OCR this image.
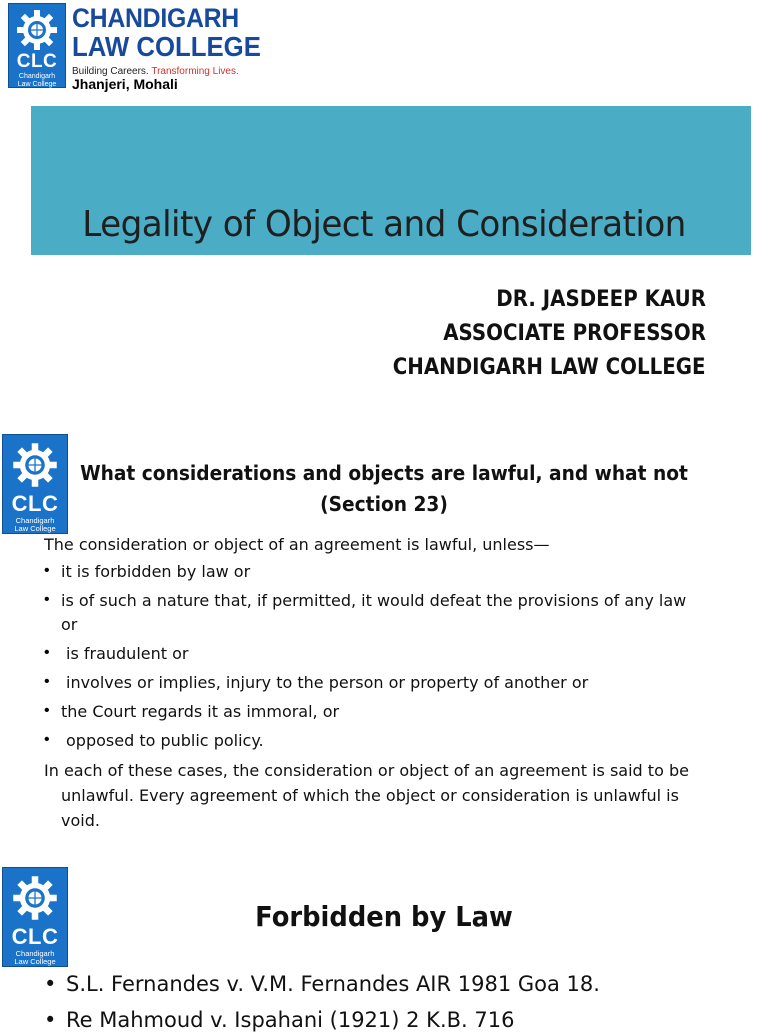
CLC
Chandigarh
Law College
CHANDIGARH
LAW COLLEGE
Building Careers. Transforming Lives.
Jhanjeri, Mohali
Legality of Object and Consideration
DR. JASDEEP KAUR
ASSOCIATE PROFESSOR
CHANDIGARH LAW COLLEGE
CLC
Chandigarh
Law College
What considerations and objects are lawful, and what not
(Section 23)
The consideration or object of an agreement is lawful, unless—
• it is forbidden by law or
• is of such a nature that, if permitted, it would defeat the provisions of any law
or
• is fraudulent or
• involves or implies, injury to the person or property of another or
• the Court regards it as immoral, or
• opposed to public policy.
In each of these cases, the consideration or object of an agreement is said to be
unlawful. Every agreement of which the object or consideration is unlawful is
void.
CLC
Chandigarh
Law College
Forbidden by Law
• S.L. Fernandes v. V.M. Fernandes AIR 1981 Goa 18.
• Re Mahmoud v. Ispahani (1921) 2 K.B. 716
